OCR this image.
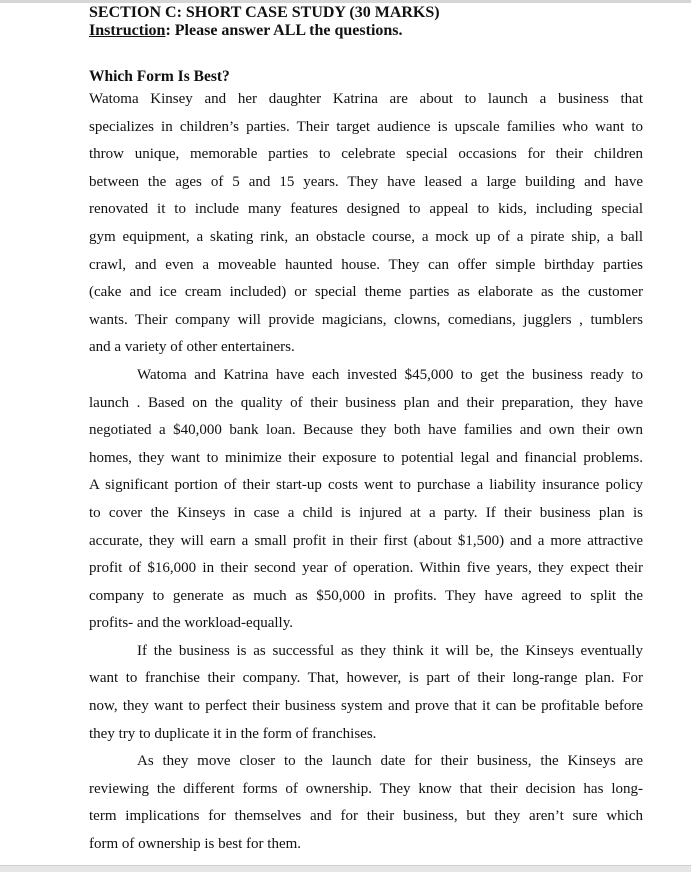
SECTION C: SHORT CASE STUDY (30 MARKS)
Instruction: Please answer ALL the questions.
Which Form Is Best?
Watoma Kinsey and her daughter Katrina are about to launch a business that
specializes in children’s parties. Their target audience is upscale families who want to
throw unique, memorable parties to celebrate special occasions for their children
between the ages of 5 and 15 years. They have leased a large building and have
renovated it to include many features designed to appeal to kids, including special
gym equipment, a skating rink, an obstacle course, a mock up of a pirate ship, a ball
crawl, and even a moveable haunted house. They can offer simple birthday parties
(cake and ice cream included) or special theme parties as elaborate as the customer
wants. Their company will provide magicians, clowns, comedians, jugglers , tumblers
and a variety of other entertainers.
Watoma and Katrina have each invested $45,000 to get the business ready to
launch . Based on the quality of their business plan and their preparation, they have
negotiated a $40,000 bank loan. Because they both have families and own their own
homes, they want to minimize their exposure to potential legal and financial problems.
A significant portion of their start-up costs went to purchase a liability insurance policy
to cover the Kinseys in case a child is injured at a party. If their business plan is
accurate, they will earn a small profit in their first (about $1,500) and a more attractive
profit of $16,000 in their second year of operation. Within five years, they expect their
company to generate as much as $50,000 in profits. They have agreed to split the
profits- and the workload-equally.
If the business is as successful as they think it will be, the Kinseys eventually
want to franchise their company. That, however, is part of their long-range plan. For
now, they want to perfect their business system and prove that it can be profitable before
they try to duplicate it in the form of franchises.
As they move closer to the launch date for their business, the Kinseys are
reviewing the different forms of ownership. They know that their decision has long-
term implications for themselves and for their business, but they aren’t sure which
form of ownership is best for them.
